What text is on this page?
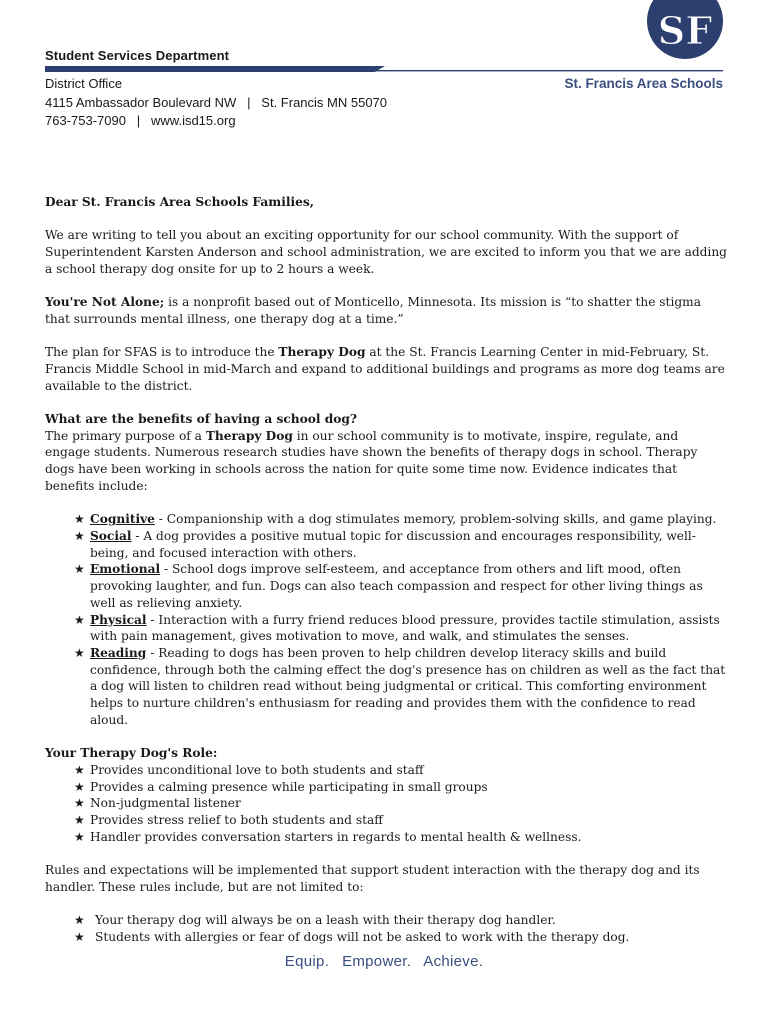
Student Services Department
District Office
4115 Ambassador Boulevard NW   |   St. Francis MN 55070
763-753-7090   |   www.isd15.org
St. Francis Area Schools
SF

Dear St. Francis Area Schools Families,

We are writing to tell you about an exciting opportunity for our school community. With the support of Superintendent Karsten Anderson and school administration, we are excited to inform you that we are adding a school therapy dog onsite for up to 2 hours a week.

You're Not Alone; is a nonprofit based out of Monticello, Minnesota. Its mission is “to shatter the stigma that surrounds mental illness, one therapy dog at a time.”

The plan for SFAS is to introduce the Therapy Dog at the St. Francis Learning Center in mid-February, St. Francis Middle School in mid-March and expand to additional buildings and programs as more dog teams are available to the district.

What are the benefits of having a school dog?

The primary purpose of a Therapy Dog in our school community is to motivate, inspire, regulate, and engage students. Numerous research studies have shown the benefits of therapy dogs in school. Therapy dogs have been working in schools across the nation for quite some time now. Evidence indicates that benefits include:

★ Cognitive - Companionship with a dog stimulates memory, problem-solving skills, and game playing.
★ Social - A dog provides a positive mutual topic for discussion and encourages responsibility, well-being, and focused interaction with others.
★ Emotional - School dogs improve self-esteem, and acceptance from others and lift mood, often provoking laughter, and fun. Dogs can also teach compassion and respect for other living things as well as relieving anxiety.
★ Physical - Interaction with a furry friend reduces blood pressure, provides tactile stimulation, assists with pain management, gives motivation to move, and walk, and stimulates the senses.
★ Reading - Reading to dogs has been proven to help children develop literacy skills and build confidence, through both the calming effect the dog's presence has on children as well as the fact that a dog will listen to children read without being judgmental or critical. This comforting environment helps to nurture children's enthusiasm for reading and provides them with the confidence to read aloud.

Your Therapy Dog's Role:

★ Provides unconditional love to both students and staff
★ Provides a calming presence while participating in small groups
★ Non-judgmental listener
★ Provides stress relief to both students and staff
★ Handler provides conversation starters in regards to mental health & wellness.

Rules and expectations will be implemented that support student interaction with the therapy dog and its handler. These rules include, but are not limited to:

★ Your therapy dog will always be on a leash with their therapy dog handler.
★ Students with allergies or fear of dogs will not be asked to work with the therapy dog.
Equip.  Empower.  Achieve.
